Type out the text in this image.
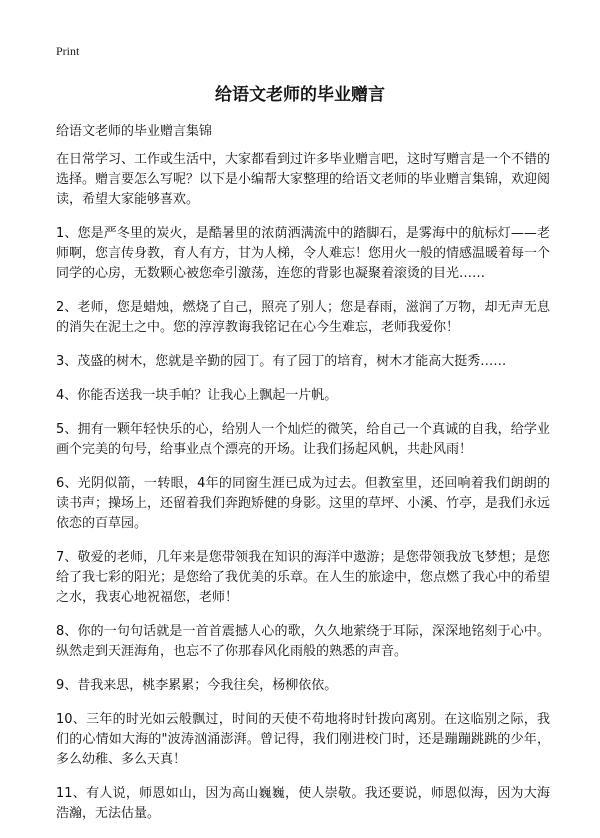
Print
给语文老师的毕业赠言
给语文老师的毕业赠言集锦

在日常学习、工作或生活中，大家都看到过许多毕业赠言吧，这时写赠言是一个不错的选择。赠言要怎么写呢？以下是小编帮大家整理的给语文老师的毕业赠言集锦，欢迎阅读，希望大家能够喜欢。

1、您是严冬里的炭火，是酷暑里的浓荫洒满流中的踏脚石，是雾海中的航标灯——老师啊，您言传身教，育人有方，甘为人梯，令人难忘！您用火一般的情感温暖着每一个同学的心房，无数颗心被您牵引激荡，连您的背影也凝聚着滚烫的目光……

2、老师，您是蜡烛，燃烧了自己，照亮了别人；您是春雨，滋润了万物，却无声无息的消失在泥土之中。您的淳淳教诲我铭记在心今生难忘，老师我爱你！

3、茂盛的树木，您就是辛勤的园丁。有了园丁的培育，树木才能高大挺秀……

4、你能否送我一块手帕？让我心上飘起一片帆。

5、拥有一颗年轻快乐的心，给别人一个灿烂的微笑，给自己一个真诚的自我，给学业画个完美的句号，给事业点个漂亮的开场。让我们扬起风帆，共赴风雨！

6、光阴似箭，一转眼，4年的同窗生涯已成为过去。但教室里，还回响着我们朗朗的读书声；操场上，还留着我们奔跑矫健的身影。这里的草坪、小溪、竹亭，是我们永远依恋的百草园。

7、敬爱的老师，几年来是您带领我在知识的海洋中遨游；是您带领我放飞梦想；是您给了我七彩的阳光；是您给了我优美的乐章。在人生的旅途中，您点燃了我心中的希望之水，我衷心地祝福您，老师！

8、你的一句句话就是一首首震撼人心的歌，久久地萦绕于耳际，深深地铭刻于心中。纵然走到天涯海角，也忘不了你那春风化雨般的熟悉的声音。

9、昔我来思，桃李累累；今我往矣，杨柳依依。

10、三年的时光如云般飘过，时间的天使不苟地将时针拨向离别。在这临别之际，我们的心情如大海的"波涛汹涌澎湃。曾记得，我们刚进校门时，还是蹦蹦跳跳的少年，多么幼稚、多么天真！

11、有人说，师恩如山，因为高山巍巍，使人崇敬。我还要说，师恩似海，因为大海浩瀚，无法估量。
